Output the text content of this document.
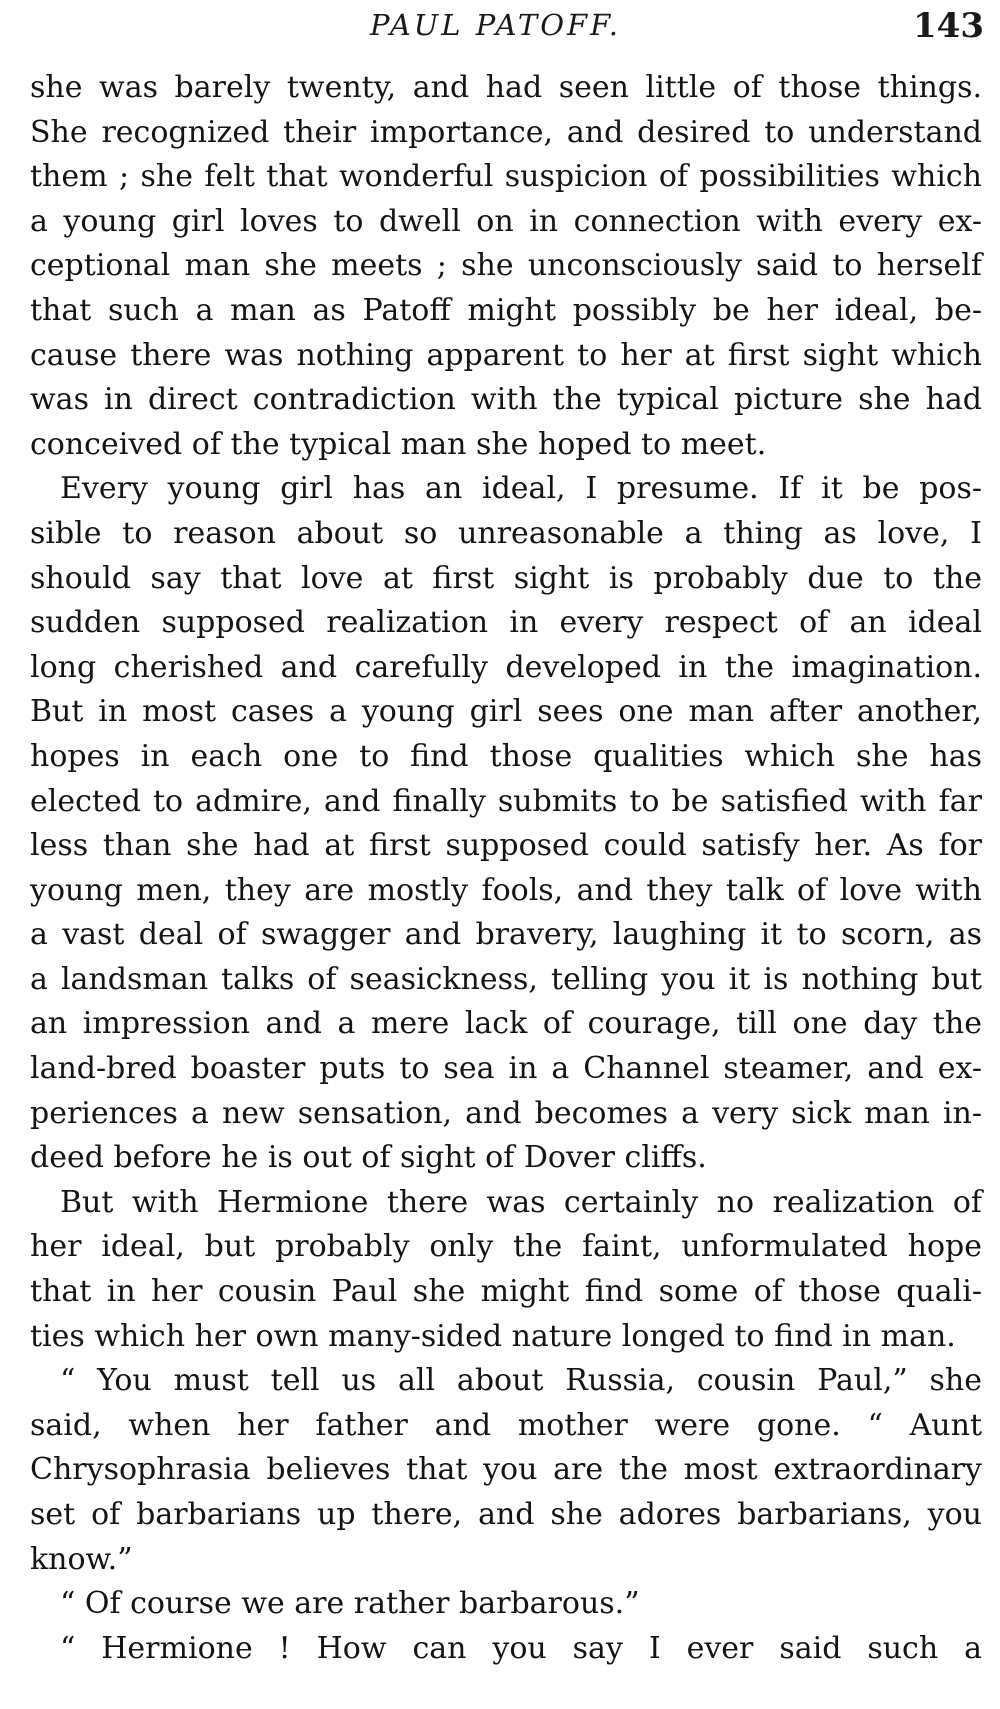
PAUL PATOFF.	143
she was barely twenty, and had seen little of those things.
She recognized their importance, and desired to understand
them ; she felt that wonderful suspicion of possibilities which
a young girl loves to dwell on in connection with every ex-
ceptional man she meets ; she unconsciously said to herself
that such a man as Patoff might possibly be her ideal, be-
cause there was nothing apparent to her at first sight which
was in direct contradiction with the typical picture she had
conceived of the typical man she hoped to meet.
Every young girl has an ideal, I presume. If it be pos-
sible to reason about so unreasonable a thing as love, I
should say that love at first sight is probably due to the
sudden supposed realization in every respect of an ideal
long cherished and carefully developed in the imagination.
But in most cases a young girl sees one man after another,
hopes in each one to find those qualities which she has
elected to admire, and finally submits to be satisfied with far
less than she had at first supposed could satisfy her. As for
young men, they are mostly fools, and they talk of love with
a vast deal of swagger and bravery, laughing it to scorn, as
a landsman talks of seasickness, telling you it is nothing but
an impression and a mere lack of courage, till one day the
land-bred boaster puts to sea in a Channel steamer, and ex-
periences a new sensation, and becomes a very sick man in-
deed before he is out of sight of Dover cliffs.
But with Hermione there was certainly no realization of
her ideal, but probably only the faint, unformulated hope
that in her cousin Paul she might find some of those quali-
ties which her own many-sided nature longed to find in man.
“ You must tell us all about Russia, cousin Paul,” she
said, when her father and mother were gone. “ Aunt
Chrysophrasia believes that you are the most extraordinary
set of barbarians up there, and she adores barbarians, you
know.”
“ Of course we are rather barbarous.”
“ Hermione ! How can you say I ever said such a
